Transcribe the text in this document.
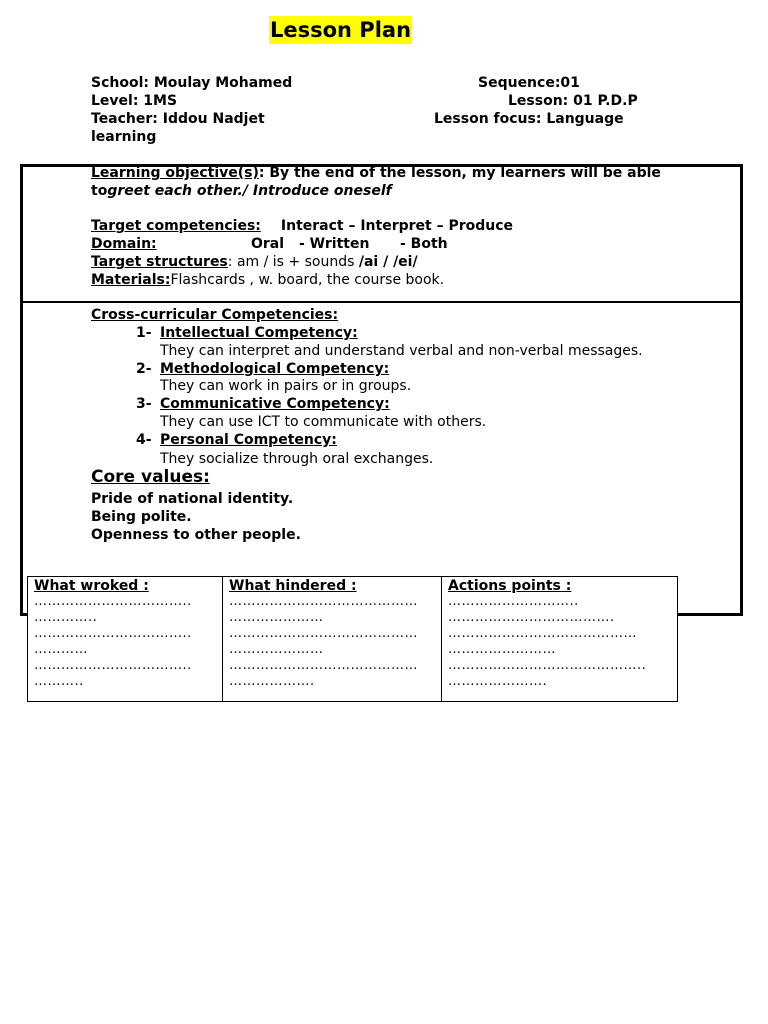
Lesson Plan
School: Moulay Mohamed	Sequence:01
Level: 1MS	Lesson: 01 P.D.P
Teacher: Iddou Nadjet	Lesson focus: Language
learning
Learning objective(s): By the end of the lesson, my learners will be able
togreet each other./ Introduce oneself
Target competencies: Interact – Interpret – Produce
Domain:	Oral - Written - Both
Target structures: am / is + sounds /ai / /ei/
Materials:Flashcards , w. board, the course book.
Cross-curricular Competencies:
1- Intellectual Competency:
They can interpret and understand verbal and non-verbal messages.
2- Methodological Competency:
They can work in pairs or in groups.
3- Communicative Competency:
They can use ICT to communicate with others.
4- Personal Competency:
They socialize through oral exchanges.
Core values:
Pride of national identity.
Being polite.
Openness to other people.
What wroked :
…………………………….. ………….. …………………………….. ………… …………………………….. ………..

What hindered :
…………………………………… ………………… …………………………………… ………………… …………………………………… ……………….

Actions points :
……………………….. ………………………………. …………………………………… …………………… …………………………………….. ………………….
